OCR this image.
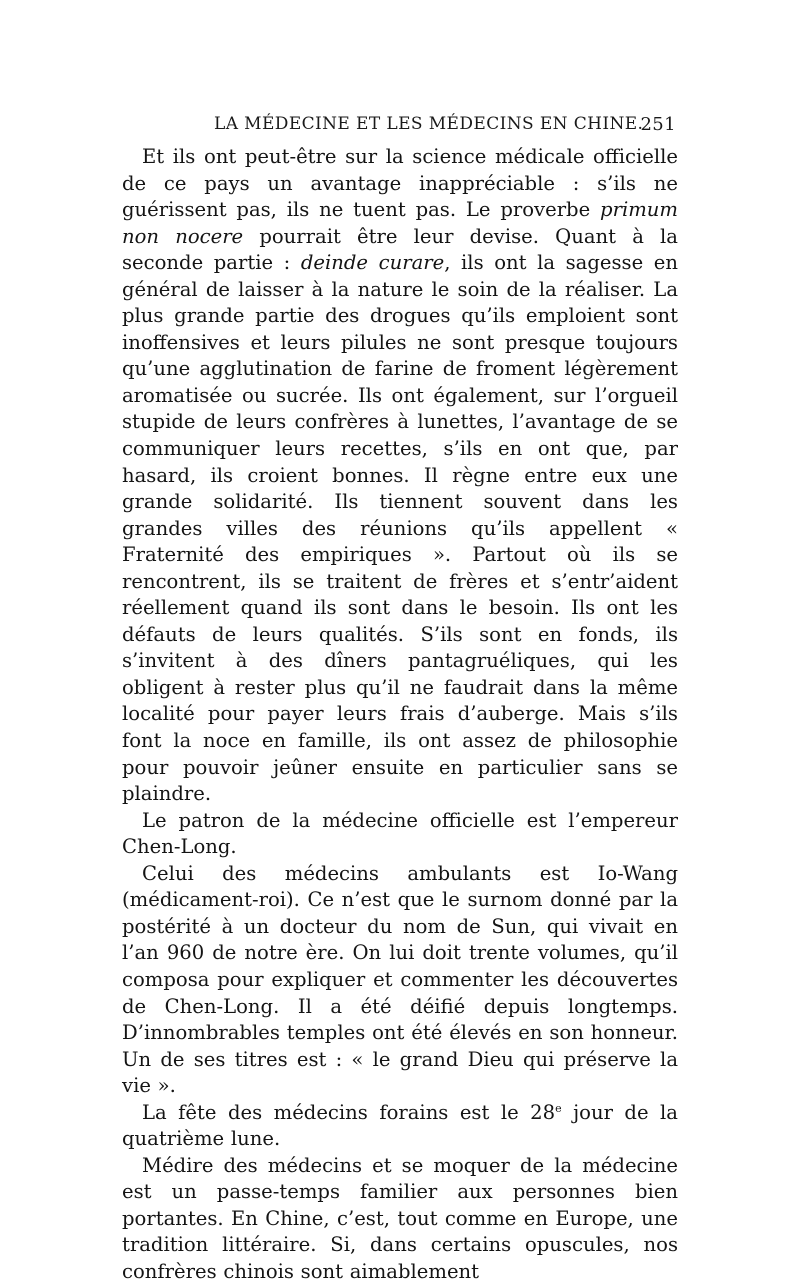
LA MÉDECINE ET LES MÉDECINS EN CHINE.
251

Et ils ont peut-être sur la science médicale officielle de ce pays un avantage inappréciable : s’ils ne guérissent pas, ils ne tuent pas. Le proverbe primum non nocere pourrait être leur devise. Quant à la seconde partie : deinde curare, ils ont la sagesse en général de laisser à la nature le soin de la réaliser. La plus grande partie des drogues qu’ils emploient sont inoffensives et leurs pilules ne sont presque toujours qu’une agglutination de farine de froment légèrement aromatisée ou sucrée. Ils ont également, sur l’orgueil stupide de leurs confrères à lunettes, l’avantage de se communiquer leurs recettes, s’ils en ont que, par hasard, ils croient bonnes. Il règne entre eux une grande solidarité. Ils tiennent souvent dans les grandes villes des réunions qu’ils appellent « Fraternité des empiriques ». Partout où ils se rencontrent, ils se traitent de frères et s’entr’aident réellement quand ils sont dans le besoin. Ils ont les défauts de leurs qualités. S’ils sont en fonds, ils s’invitent à des dîners pantagruéliques, qui les obligent à rester plus qu’il ne faudrait dans la même localité pour payer leurs frais d’auberge. Mais s’ils font la noce en famille, ils ont assez de philosophie pour pouvoir jeûner ensuite en particulier sans se plaindre.

Le patron de la médecine officielle est l’empereur Chen-Long.

Celui des médecins ambulants est Io-Wang (médicament-roi). Ce n’est que le surnom donné par la postérité à un docteur du nom de Sun, qui vivait en l’an 960 de notre ère. On lui doit trente volumes, qu’il composa pour expliquer et commenter les découvertes de Chen-Long. Il a été déifié depuis longtemps. D’innombrables temples ont été élevés en son honneur. Un de ses titres est : « le grand Dieu qui préserve la vie ».

La fête des médecins forains est le 28e jour de la quatrième lune.

Médire des médecins et se moquer de la médecine est un passe-temps familier aux personnes bien portantes. En Chine, c’est, tout comme en Europe, une tradition littéraire. Si, dans certains opuscules, nos confrères chinois sont aimablement
